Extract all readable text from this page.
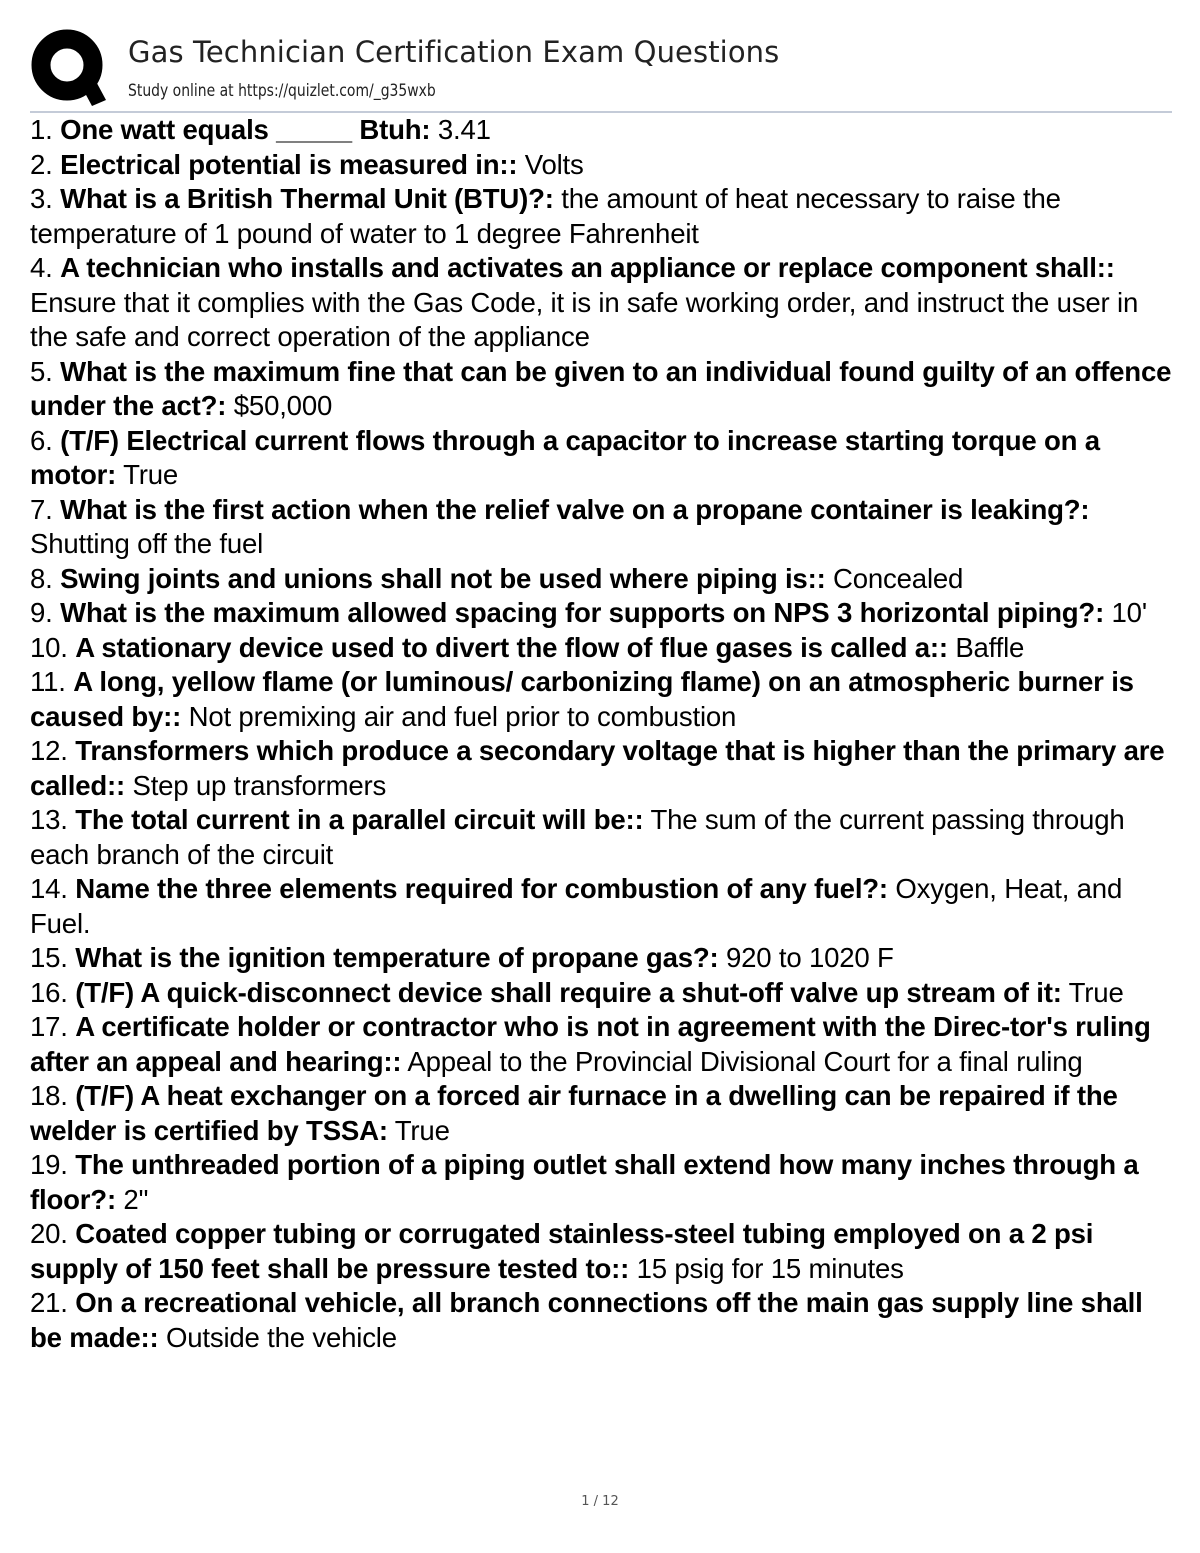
Gas Technician Certification Exam Questions
Study online at https://quizlet.com/_g35wxb
1. One watt equals _____ Btuh: 3.41
2. Electrical potential is measured in:: Volts
3. What is a British Thermal Unit (BTU)?: the amount of heat necessary to raise the temperature of 1 pound of water to 1 degree Fahrenheit
4. A technician who installs and activates an appliance or replace component shall:: Ensure that it complies with the Gas Code, it is in safe working order, and instruct the user in the safe and correct operation of the appliance
5. What is the maximum fine that can be given to an individual found guilty of an offence under the act?: $50,000
6. (T/F) Electrical current flows through a capacitor to increase starting torque on a motor: True
7. What is the first action when the relief valve on a propane container is leaking?: Shutting off the fuel
8. Swing joints and unions shall not be used where piping is:: Concealed
9. What is the maximum allowed spacing for supports on NPS 3 horizontal piping?: 10'
10. A stationary device used to divert the flow of flue gases is called a:: Baffle
11. A long, yellow flame (or luminous/ carbonizing flame) on an atmospheric burner is caused by:: Not premixing air and fuel prior to combustion
12. Transformers which produce a secondary voltage that is higher than the primary are called:: Step up transformers
13. The total current in a parallel circuit will be:: The sum of the current passing through each branch of the circuit
14. Name the three elements required for combustion of any fuel?: Oxygen, Heat, and Fuel.
15. What is the ignition temperature of propane gas?: 920 to 1020 F
16. (T/F) A quick-disconnect device shall require a shut-off valve up stream of it: True
17. A certificate holder or contractor who is not in agreement with the Direc-tor's ruling after an appeal and hearing:: Appeal to the Provincial Divisional Court for a final ruling
18. (T/F) A heat exchanger on a forced air furnace in a dwelling can be repaired if the welder is certified by TSSA: True
19. The unthreaded portion of a piping outlet shall extend how many inches through a floor?: 2"
20. Coated copper tubing or corrugated stainless-steel tubing employed on a 2 psi supply of 150 feet shall be pressure tested to:: 15 psig for 15 minutes
21. On a recreational vehicle, all branch connections off the main gas supply line shall be made:: Outside the vehicle
1 / 12
